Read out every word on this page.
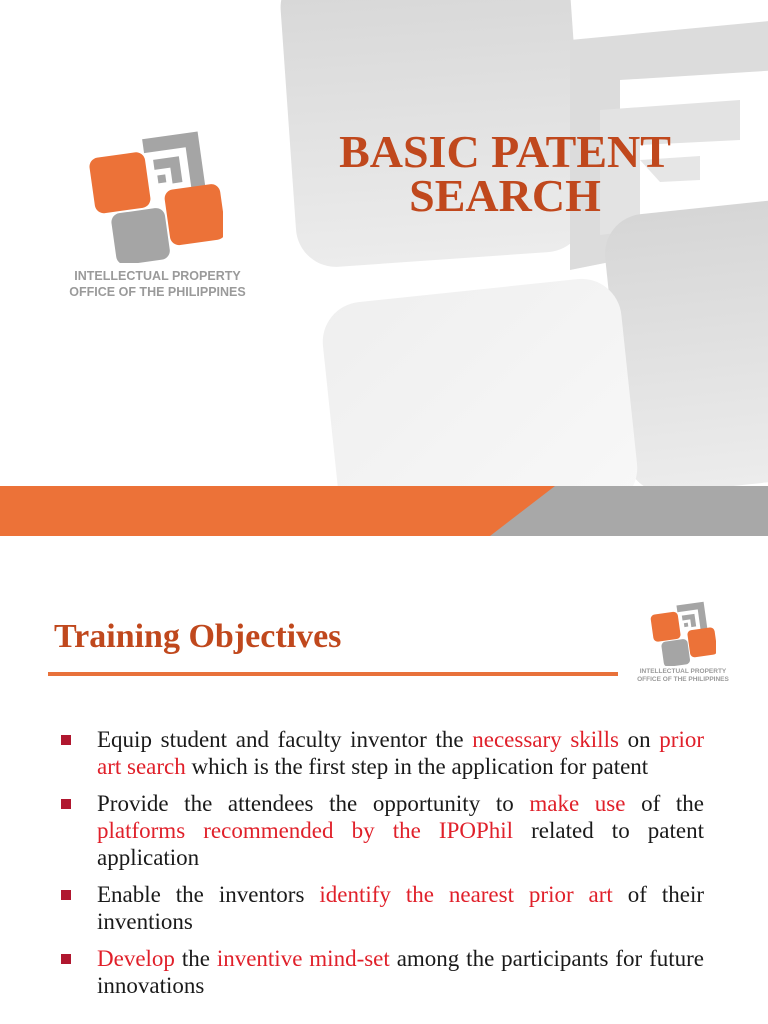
INTELLECTUAL PROPERTY
OFFICE OF THE PHILIPPINES
BASIC PATENT
SEARCH
Training Objectives
INTELLECTUAL PROPERTY
OFFICE OF THE PHILIPPINES
Equip student and faculty inventor the necessary skills on prior art search which is the first step in the application for patent
Provide the attendees the opportunity to make use of the platforms recommended by the IPOPhil related to patent application
Enable the inventors identify the nearest prior art of their inventions
Develop the inventive mind-set among the participants for future innovations
